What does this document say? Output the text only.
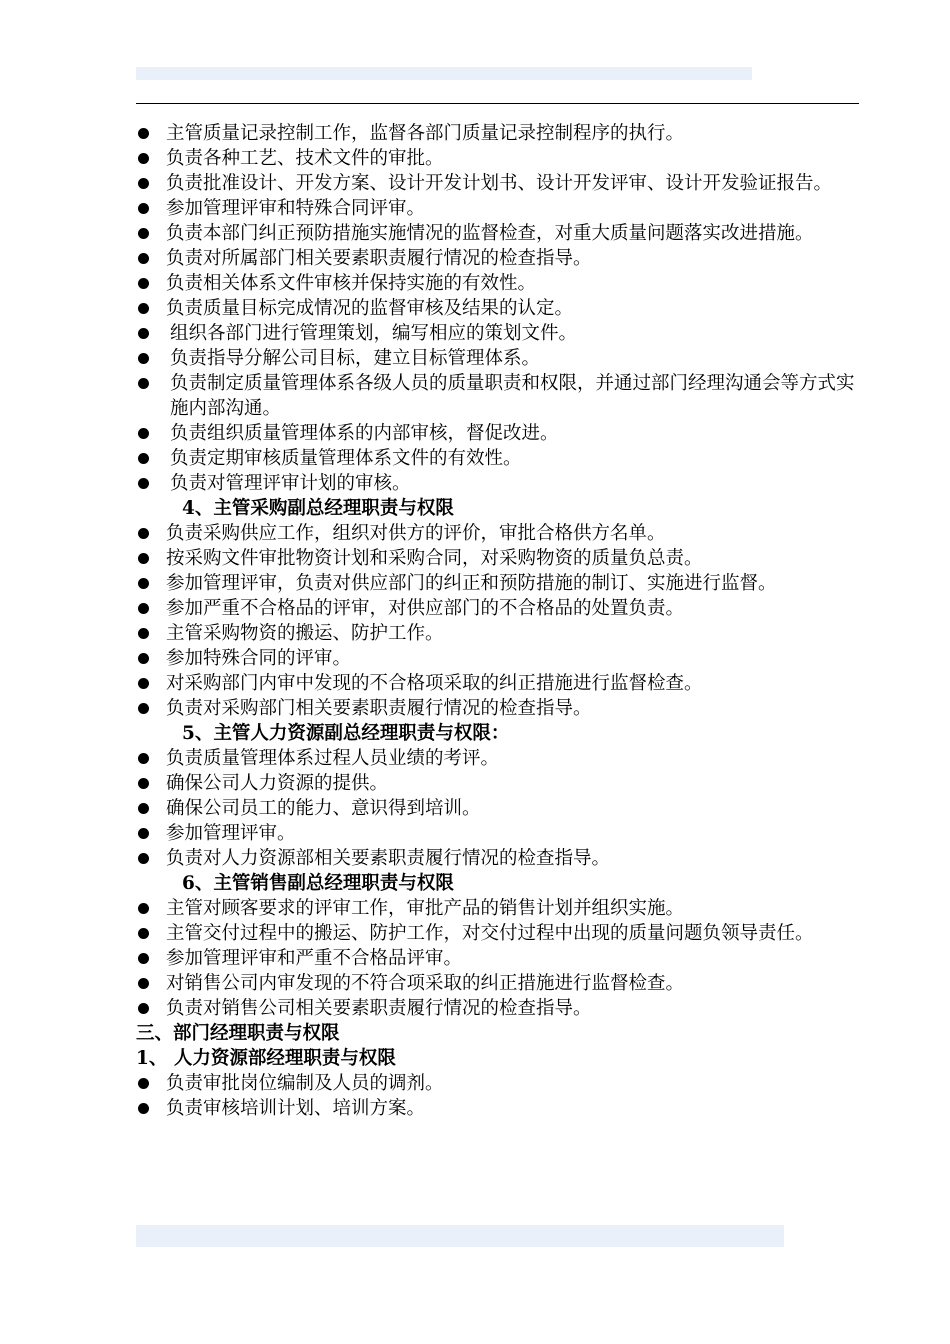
主管质量记录控制工作，监督各部门质量记录控制程序的执行。
负责各种工艺、技术文件的审批。
负责批准设计、开发方案、设计开发计划书、设计开发评审、设计开发验证报告。
参加管理评审和特殊合同评审。
负责本部门纠正预防措施实施情况的监督检查，对重大质量问题落实改进措施。
负责对所属部门相关要素职责履行情况的检查指导。
负责相关体系文件审核并保持实施的有效性。
负责质量目标完成情况的监督审核及结果的认定。
组织各部门进行管理策划，编写相应的策划文件。
负责指导分解公司目标，建立目标管理体系。
负责制定质量管理体系各级人员的质量职责和权限，并通过部门经理沟通会等方式实施内部沟通。
负责组织质量管理体系的内部审核，督促改进。
负责定期审核质量管理体系文件的有效性。
负责对管理评审计划的审核。
4、主管采购副总经理职责与权限
负责采购供应工作，组织对供方的评价，审批合格供方名单。
按采购文件审批物资计划和采购合同，对采购物资的质量负总责。
参加管理评审，负责对供应部门的纠正和预防措施的制订、实施进行监督。
参加严重不合格品的评审，对供应部门的不合格品的处置负责。
主管采购物资的搬运、防护工作。
参加特殊合同的评审。
对采购部门内审中发现的不合格项采取的纠正措施进行监督检查。
负责对采购部门相关要素职责履行情况的检查指导。
5、主管人力资源副总经理职责与权限：
负责质量管理体系过程人员业绩的考评。
确保公司人力资源的提供。
确保公司员工的能力、意识得到培训。
参加管理评审。
负责对人力资源部相关要素职责履行情况的检查指导。
6、主管销售副总经理职责与权限
主管对顾客要求的评审工作，审批产品的销售计划并组织实施。
主管交付过程中的搬运、防护工作，对交付过程中出现的质量问题负领导责任。
参加管理评审和严重不合格品评审。
对销售公司内审发现的不符合项采取的纠正措施进行监督检查。
负责对销售公司相关要素职责履行情况的检查指导。
三、部门经理职责与权限
1、 人力资源部经理职责与权限
负责审批岗位编制及人员的调剂。
负责审核培训计划、培训方案。
